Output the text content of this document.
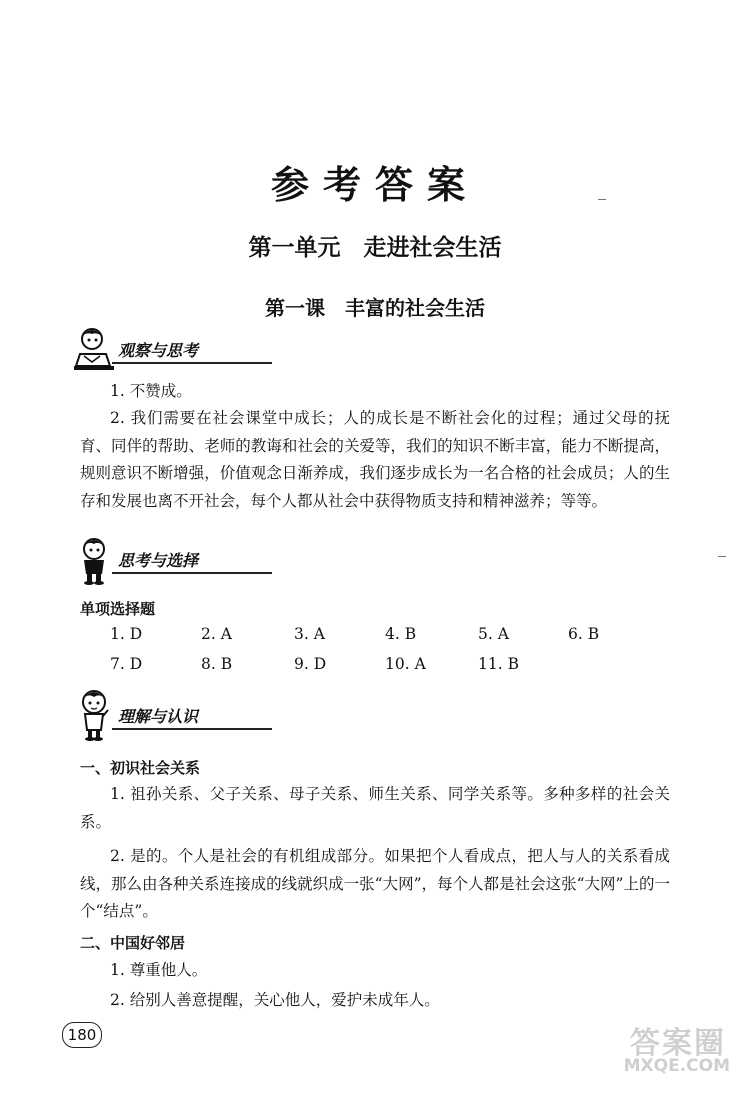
参考答案
第一单元　走进社会生活
第一课　丰富的社会生活
观察与思考
1. 不赞成。
2. 我们需要在社会课堂中成长；人的成长是不断社会化的过程；通过父母的抚育、同伴的帮助、老师的教诲和社会的关爱等，我们的知识不断丰富，能力不断提高，规则意识不断增强，价值观念日渐养成，我们逐步成长为一名合格的社会成员；人的生存和发展也离不开社会，每个人都从社会中获得物质支持和精神滋养；等等。
思考与选择
单项选择题
1. D	2. A	3. A	4. B	5. A	6. B
7. D	8. B	9. D	10. A	11. B
理解与认识
一、初识社会关系
1. 祖孙关系、父子关系、母子关系、师生关系、同学关系等。多种多样的社会关系。
2. 是的。个人是社会的有机组成部分。如果把个人看成点，把人与人的关系看成线，那么由各种关系连接成的线就织成一张“大网”，每个人都是社会这张“大网”上的一个“结点”。
二、中国好邻居
1. 尊重他人。
2. 给别人善意提醒，关心他人，爱护未成年人。
180	答案圈
MXQE.COM
